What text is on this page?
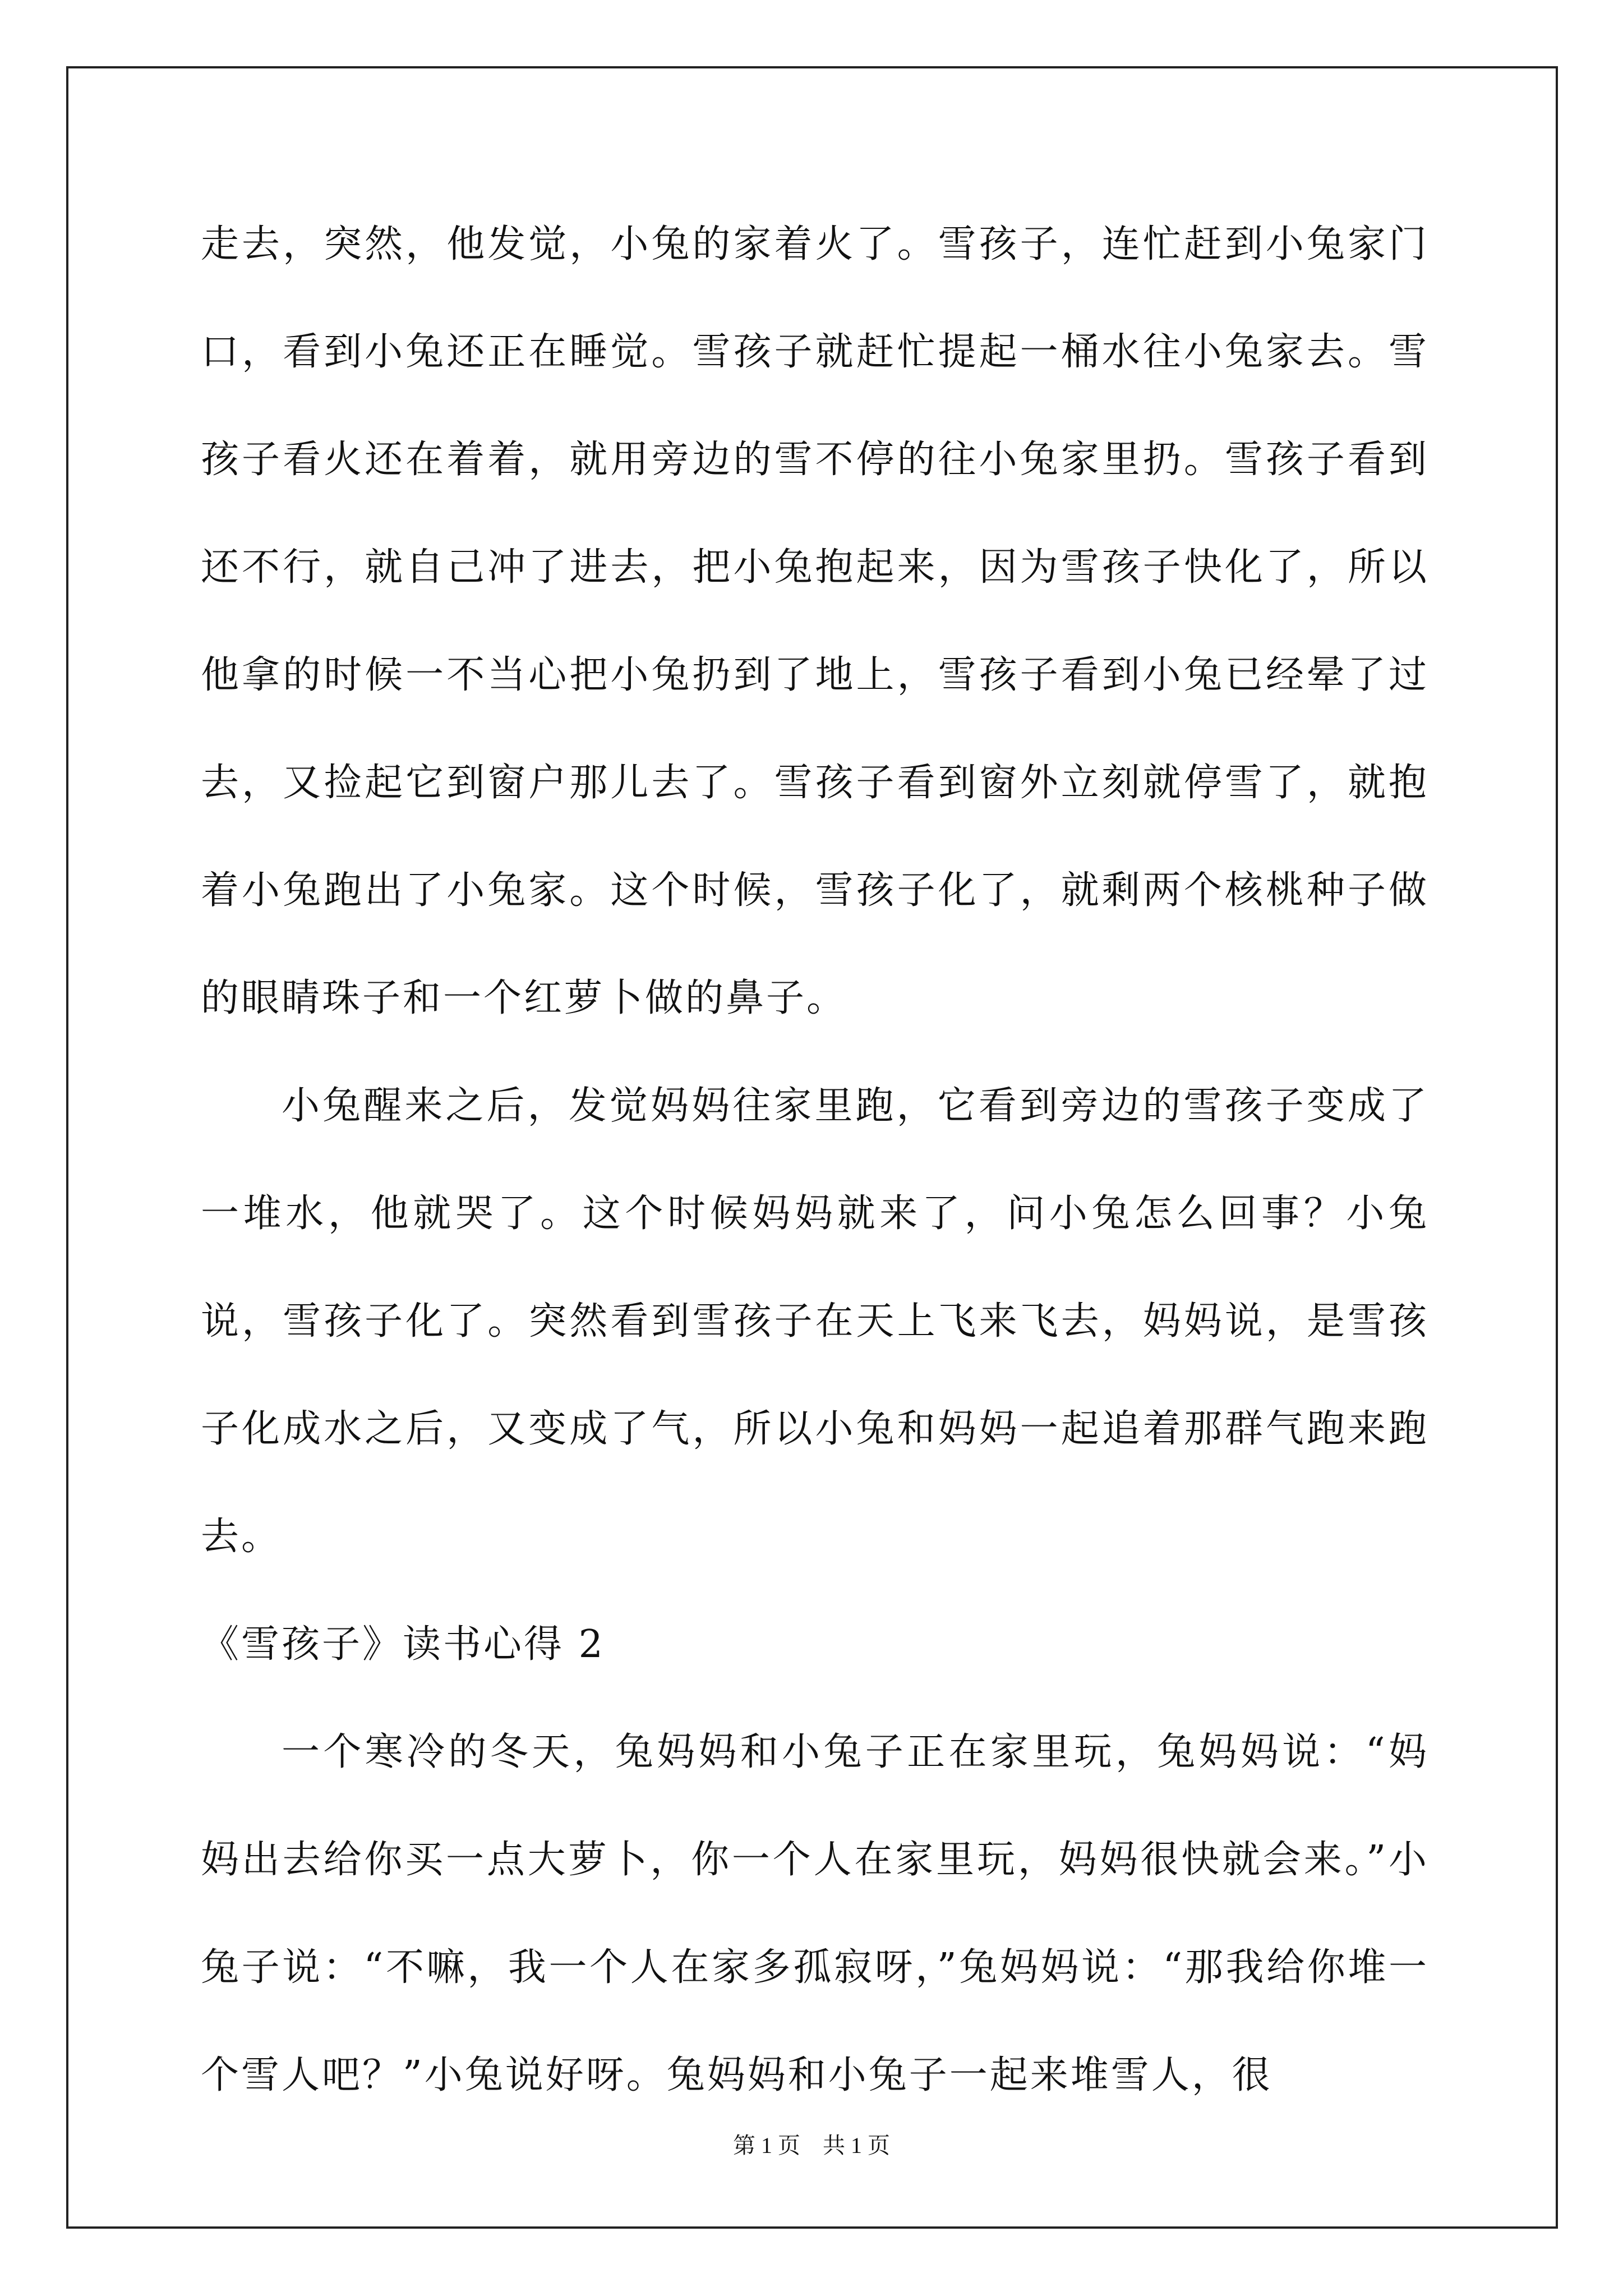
走去，突然，他发觉，小兔的家着火了。雪孩子，连忙赶到小兔家门口，看到小兔还正在睡觉。雪孩子就赶忙提起一桶水往小兔家去。雪孩子看火还在着着，就用旁边的雪不停的往小兔家里扔。雪孩子看到还不行，就自己冲了进去，把小兔抱起来，因为雪孩子快化了，所以他拿的时候一不当心把小兔扔到了地上，雪孩子看到小兔已经晕了过去，又捡起它到窗户那儿去了。雪孩子看到窗外立刻就停雪了，就抱着小兔跑出了小兔家。这个时候，雪孩子化了，就剩两个核桃种子做的眼睛珠子和一个红萝卜做的鼻子。

小兔醒来之后，发觉妈妈往家里跑，它看到旁边的雪孩子变成了一堆水，他就哭了。这个时候妈妈就来了，问小兔怎么回事？小兔说，雪孩子化了。突然看到雪孩子在天上飞来飞去，妈妈说，是雪孩子化成水之后，又变成了气，所以小兔和妈妈一起追着那群气跑来跑去。

《雪孩子》读书心得 2

一个寒冷的冬天，兔妈妈和小兔子正在家里玩，兔妈妈说：“妈妈出去给你买一点大萝卜，你一个人在家里玩，妈妈很快就会来。”小兔子说：“不嘛，我一个人在家多孤寂呀，”兔妈妈说：“那我给你堆一个雪人吧？”小兔说好呀。兔妈妈和小兔子一起来堆雪人，很

第 1 页　共 1 页
